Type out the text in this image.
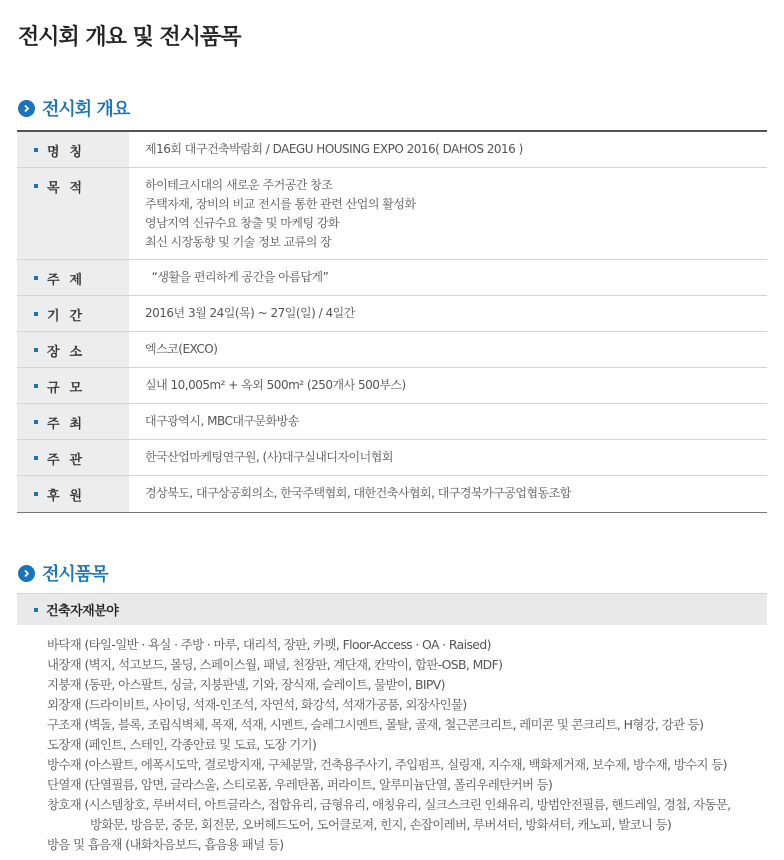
전시회 개요 및 전시품목
전시회 개요
명칭	제16회 대구건축박람회 / DAEGU HOUSING EXPO 2016( DAHOS 2016 )
목적	하이테크시대의 새로운 주거공간 창조
주택자재, 장비의 비교 전시를 통한 관련 산업의 활성화
영남지역 신규수요 창출 및 마케팅 강화
최신 시장동향 및 기술 정보 교류의 장
주제	“생활을 편리하게 공간을 아름답게”
기간	2016년 3월 24일(목) ~ 27일(일) / 4일간
장소	엑스코(EXCO)
규모	실내 10,005m² + 옥외 500m² (250개사 500부스)
주최	대구광역시, MBC대구문화방송
주관	한국산업마케팅연구원, (사)대구실내디자이너협회
후원	경상북도, 대구상공회의소, 한국주택협회, 대한건축사협회, 대구경북가구공업협동조합
전시품목
건축자재분야
바닥재 (타일-일반 · 욕실 · 주방 · 마루, 대리석, 장판, 카펫, Floor-Access · OA · Raised)
내장재 (벽지, 석고보드, 몰딩, 스페이스월, 패널, 천장판, 계단재, 칸막이, 합판-OSB, MDF)
지붕재 (동판, 아스팔트, 싱글, 지붕판넬, 기와, 장식재, 슬레이트, 물받이, BIPV)
외장재 (드라이비트, 사이딩, 석재-인조석, 자연석, 화강석, 석재가공품, 외장사인물)
구조재 (벽돌, 블록, 조립식벽체, 목재, 석재, 시멘트, 슬레그시멘트, 몰탈, 골재, 철근콘크리트, 레미콘 및 콘크리트, H형강, 강관 등)
도장재 (페인트, 스테인, 각종안료 및 도료, 도장 기기)
방수재 (아스팔트, 에폭시도막, 결로방지재, 구체분말, 건축용주사기, 주입펌프, 실링재, 지수재, 백화제거재, 보수제, 방수재, 방수지 등)
단열재 (단열필름, 암면, 글라스울, 스티로폼, 우레탄폼, 퍼라이트, 알루미늄단열, 폴리우레탄커버 등)
창호재 (시스템창호, 루버셔터, 아트글라스, 접합유리, 금형유리, 애칭유리, 실크스크린 인쇄유리, 방범안전필름, 핸드레일, 경첩, 자동문,
방화문, 방음문, 중문, 회전문, 오버헤드도어, 도어클로져, 힌지, 손잡이레버, 루버셔터, 방화셔터, 캐노피, 발코니 등)
방음 및 흡음재 (내화차음보드, 흡음용 패널 등)
